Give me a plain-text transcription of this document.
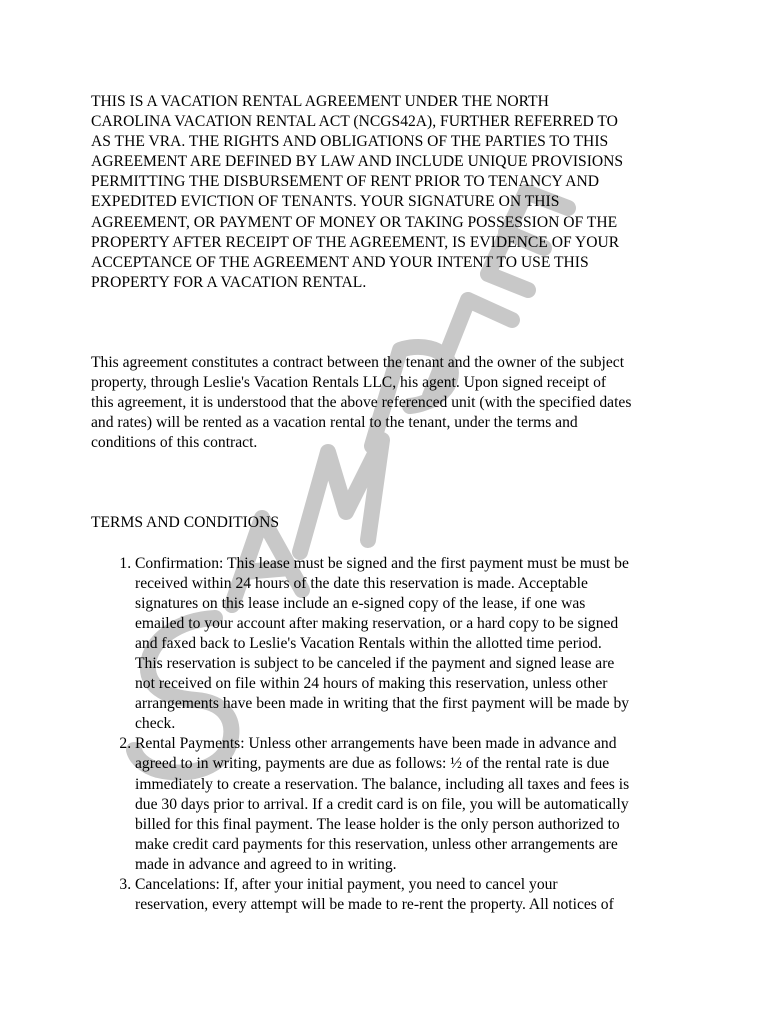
THIS IS A VACATION RENTAL AGREEMENT UNDER THE NORTH
CAROLINA VACATION RENTAL ACT (NCGS42A), FURTHER REFERRED TO
AS THE VRA. THE RIGHTS AND OBLIGATIONS OF THE PARTIES TO THIS
AGREEMENT ARE DEFINED BY LAW AND INCLUDE UNIQUE PROVISIONS
PERMITTING THE DISBURSEMENT OF RENT PRIOR TO TENANCY AND
EXPEDITED EVICTION OF TENANTS. YOUR SIGNATURE ON THIS
AGREEMENT, OR PAYMENT OF MONEY OR TAKING POSSESSION OF THE
PROPERTY AFTER RECEIPT OF THE AGREEMENT, IS EVIDENCE OF YOUR
ACCEPTANCE OF THE AGREEMENT AND YOUR INTENT TO USE THIS
PROPERTY FOR A VACATION RENTAL.

This agreement constitutes a contract between the tenant and the owner of the subject
property, through Leslie's Vacation Rentals LLC, his agent. Upon signed receipt of
this agreement, it is understood that the above referenced unit (with the specified dates
and rates) will be rented as a vacation rental to the tenant, under the terms and
conditions of this contract.

TERMS AND CONDITIONS

1. Confirmation: This lease must be signed and the first payment must be must be
received within 24 hours of the date this reservation is made. Acceptable
signatures on this lease include an e-signed copy of the lease, if one was
emailed to your account after making reservation, or a hard copy to be signed
and faxed back to Leslie's Vacation Rentals within the allotted time period.
This reservation is subject to be canceled if the payment and signed lease are
not received on file within 24 hours of making this reservation, unless other
arrangements have been made in writing that the first payment will be made by
check.
2. Rental Payments: Unless other arrangements have been made in advance and
agreed to in writing, payments are due as follows: ½ of the rental rate is due
immediately to create a reservation. The balance, including all taxes and fees is
due 30 days prior to arrival. If a credit card is on file, you will be automatically
billed for this final payment. The lease holder is the only person authorized to
make credit card payments for this reservation, unless other arrangements are
made in advance and agreed to in writing.
3. Cancelations: If, after your initial payment, you need to cancel your
reservation, every attempt will be made to re-rent the property. All notices of
